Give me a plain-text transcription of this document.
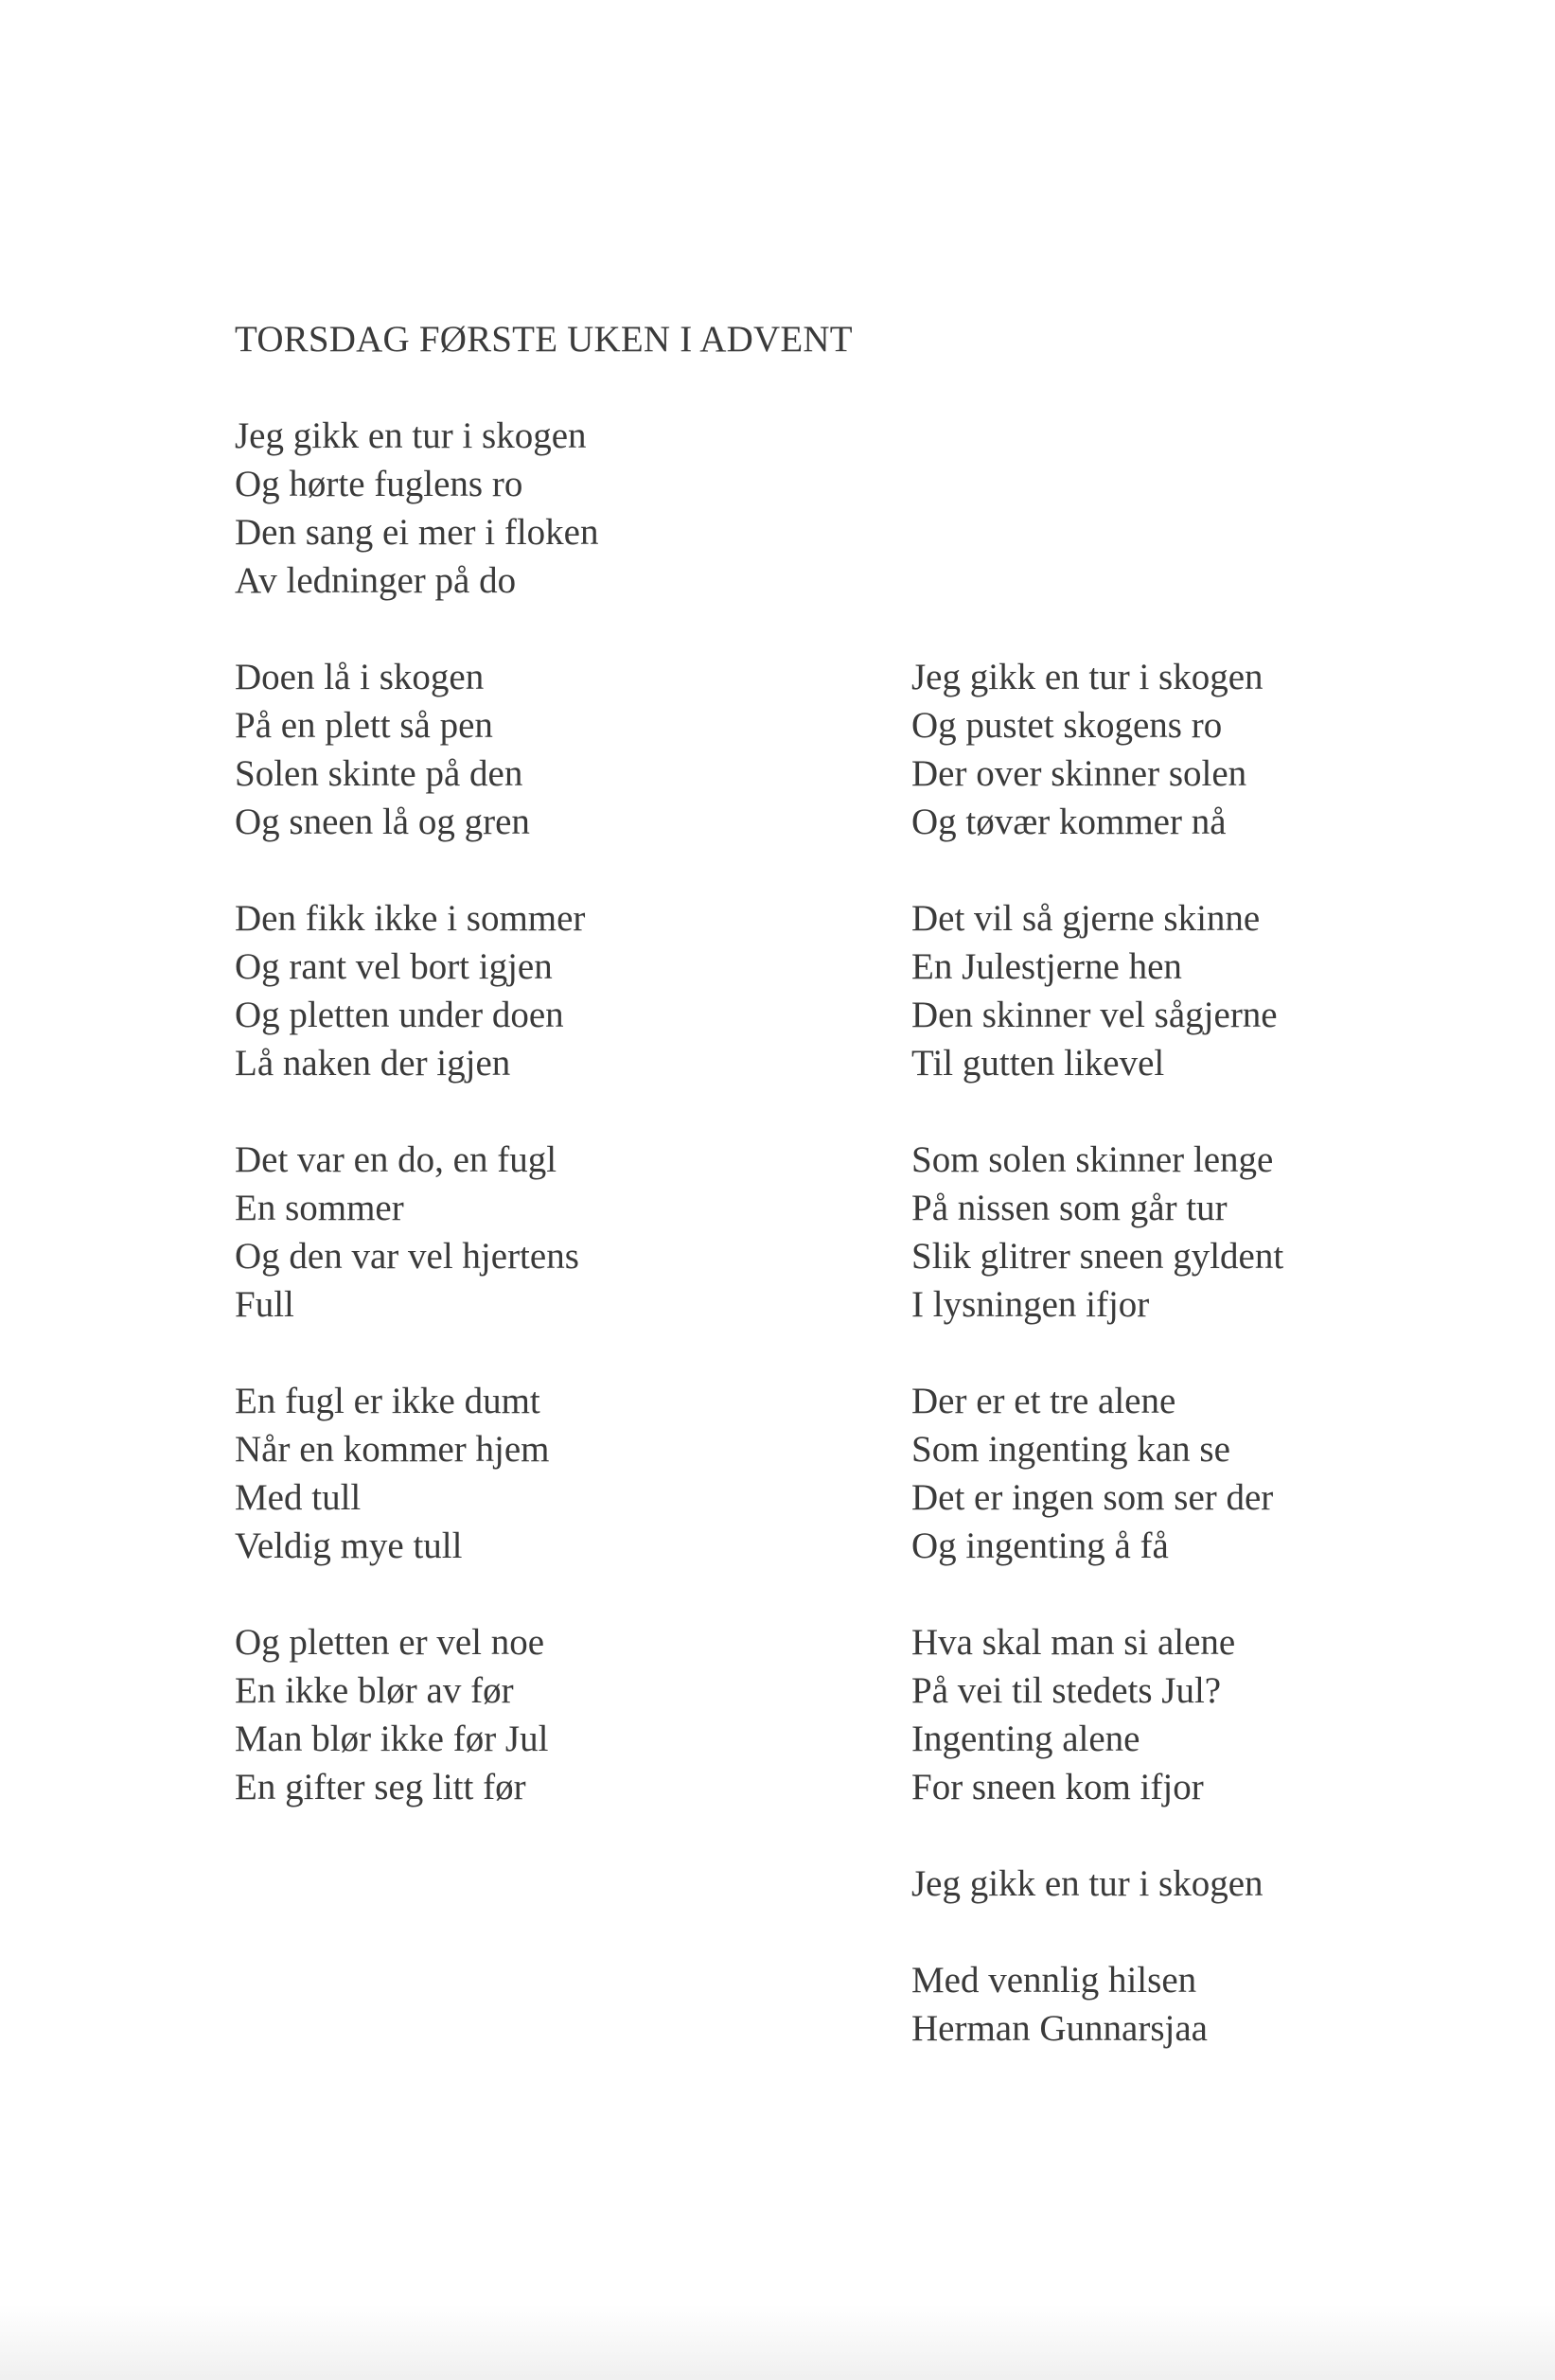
TORSDAG FØRSTE UKEN I ADVENT
Jeg gikk en tur i skogen
Og hørte fuglens ro
Den sang ei mer i floken
Av ledninger på do
Doen lå i skogen
På en plett så pen
Solen skinte på den
Og sneen lå og gren
Den fikk ikke i sommer
Og rant vel bort igjen
Og pletten under doen
Lå naken der igjen
Det var en do, en fugl
En sommer
Og den var vel hjertens
Full
En fugl er ikke dumt
Når en kommer hjem
Med tull
Veldig mye tull
Og pletten er vel noe
En ikke blør av før
Man blør ikke før Jul
En gifter seg litt før
Jeg gikk en tur i skogen
Og pustet skogens ro
Der over skinner solen
Og tøvær kommer nå
Det vil så gjerne skinne
En Julestjerne hen
Den skinner vel sågjerne
Til gutten likevel
Som solen skinner lenge
På nissen som går tur
Slik glitrer sneen gyldent
I lysningen ifjor
Der er et tre alene
Som ingenting kan se
Det er ingen som ser der
Og ingenting å få
Hva skal man si alene
På vei til stedets Jul?
Ingenting alene
For sneen kom ifjor
Jeg gikk en tur i skogen
Med vennlig hilsen
Herman Gunnarsjaa
